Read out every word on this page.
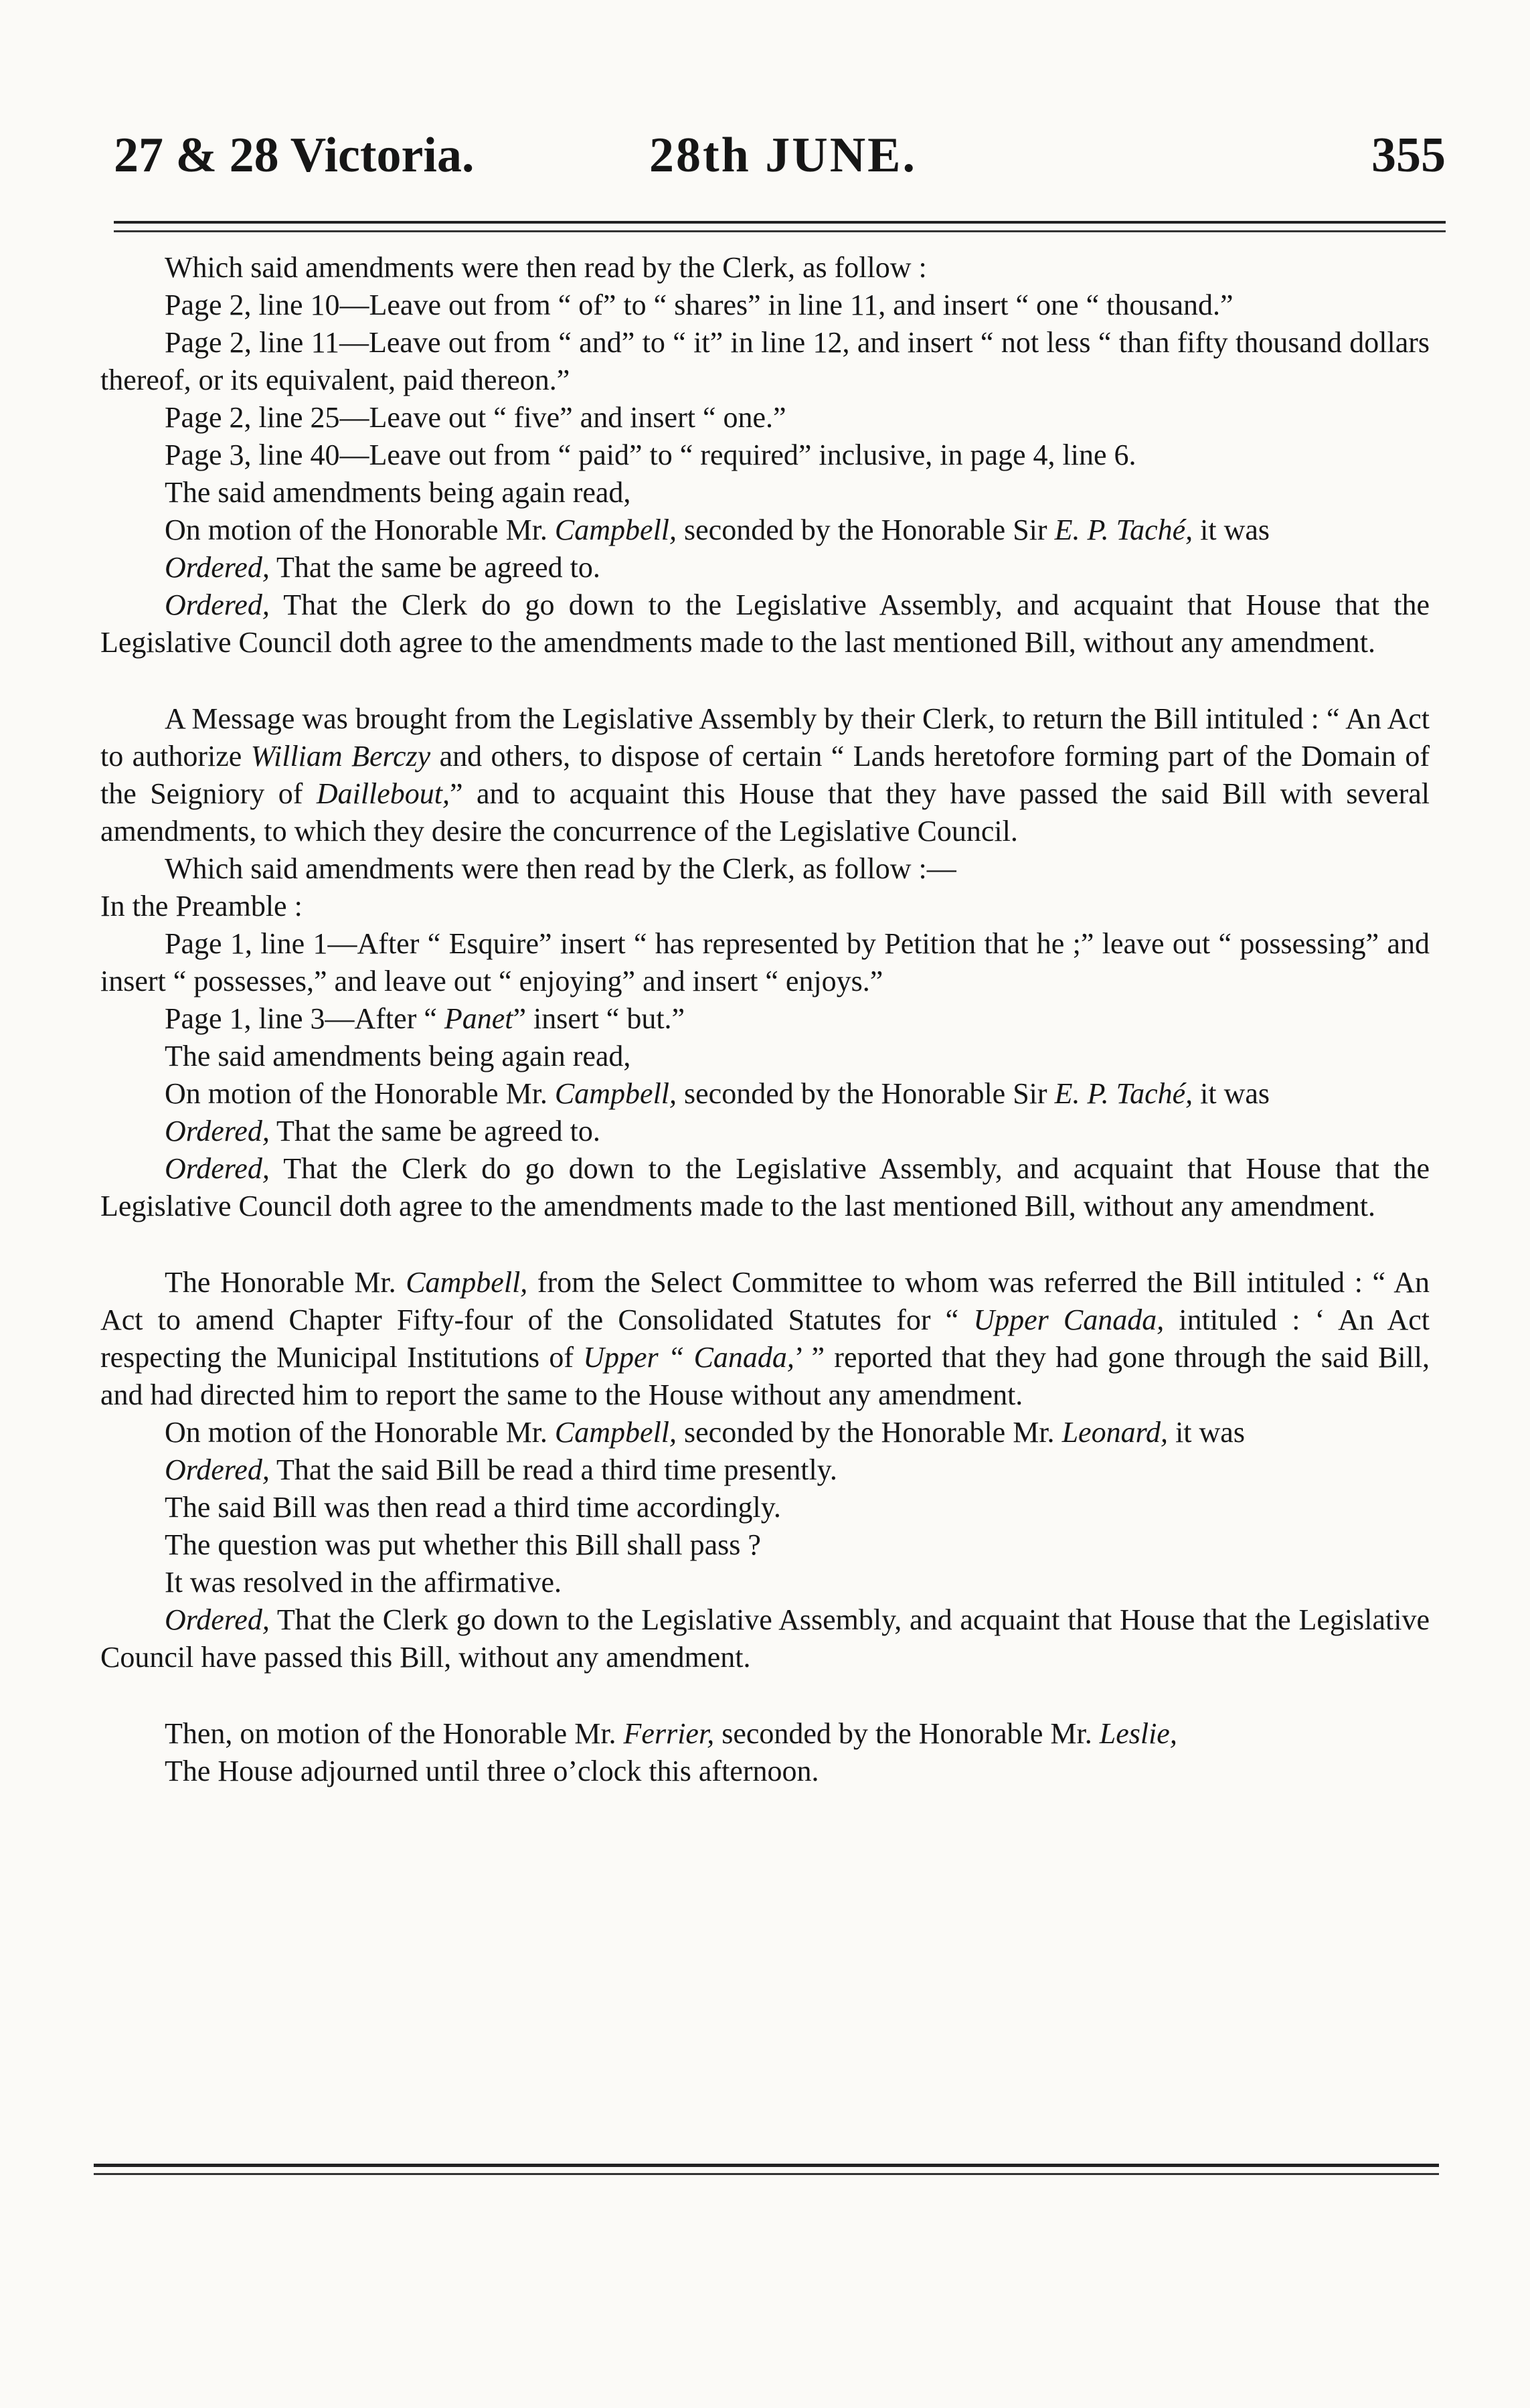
27 & 28 Victoria.	28th JUNE.	355

Which said amendments were then read by the Clerk, as follow :

Page 2, line 10—Leave out from “ of” to “ shares” in line 11, and insert “ one “ thousand.”

Page 2, line 11—Leave out from “ and” to “ it” in line 12, and insert “ not less “ than fifty thousand dollars thereof, or its equivalent, paid thereon.”

Page 2, line 25—Leave out “ five” and insert “ one.”

Page 3, line 40—Leave out from “ paid” to “ required” inclusive, in page 4, line 6.

The said amendments being again read,

On motion of the Honorable Mr. Campbell, seconded by the Honorable Sir E. P. Taché, it was

Ordered, That the same be agreed to.

Ordered, That the Clerk do go down to the Legislative Assembly, and acquaint that House that the Legislative Council doth agree to the amendments made to the last mentioned Bill, without any amendment.

A Message was brought from the Legislative Assembly by their Clerk, to return the Bill intituled : “ An Act to authorize William Berczy and others, to dispose of certain “ Lands heretofore forming part of the Domain of the Seigniory of Daillebout,” and to acquaint this House that they have passed the said Bill with several amendments, to which they desire the concurrence of the Legislative Council.

Which said amendments were then read by the Clerk, as follow :—

In the Preamble :

Page 1, line 1—After “ Esquire” insert “ has represented by Petition that he ;” leave out “ possessing” and insert “ possesses,” and leave out “ enjoying” and insert “ enjoys.”

Page 1, line 3—After “ Panet” insert “ but.”

The said amendments being again read,

On motion of the Honorable Mr. Campbell, seconded by the Honorable Sir E. P. Taché, it was

Ordered, That the same be agreed to.

Ordered, That the Clerk do go down to the Legislative Assembly, and acquaint that House that the Legislative Council doth agree to the amendments made to the last mentioned Bill, without any amendment.

The Honorable Mr. Campbell, from the Select Committee to whom was referred the Bill intituled : “ An Act to amend Chapter Fifty-four of the Consolidated Statutes for “ Upper Canada, intituled : ‘ An Act respecting the Municipal Institutions of Upper “ Canada,’ ” reported that they had gone through the said Bill, and had directed him to report the same to the House without any amendment.

On motion of the Honorable Mr. Campbell, seconded by the Honorable Mr. Leonard, it was

Ordered, That the said Bill be read a third time presently.

The said Bill was then read a third time accordingly.

The question was put whether this Bill shall pass ?

It was resolved in the affirmative.

Ordered, That the Clerk go down to the Legislative Assembly, and acquaint that House that the Legislative Council have passed this Bill, without any amendment.

Then, on motion of the Honorable Mr. Ferrier, seconded by the Honorable Mr. Leslie,

The House adjourned until three o’clock this afternoon.
